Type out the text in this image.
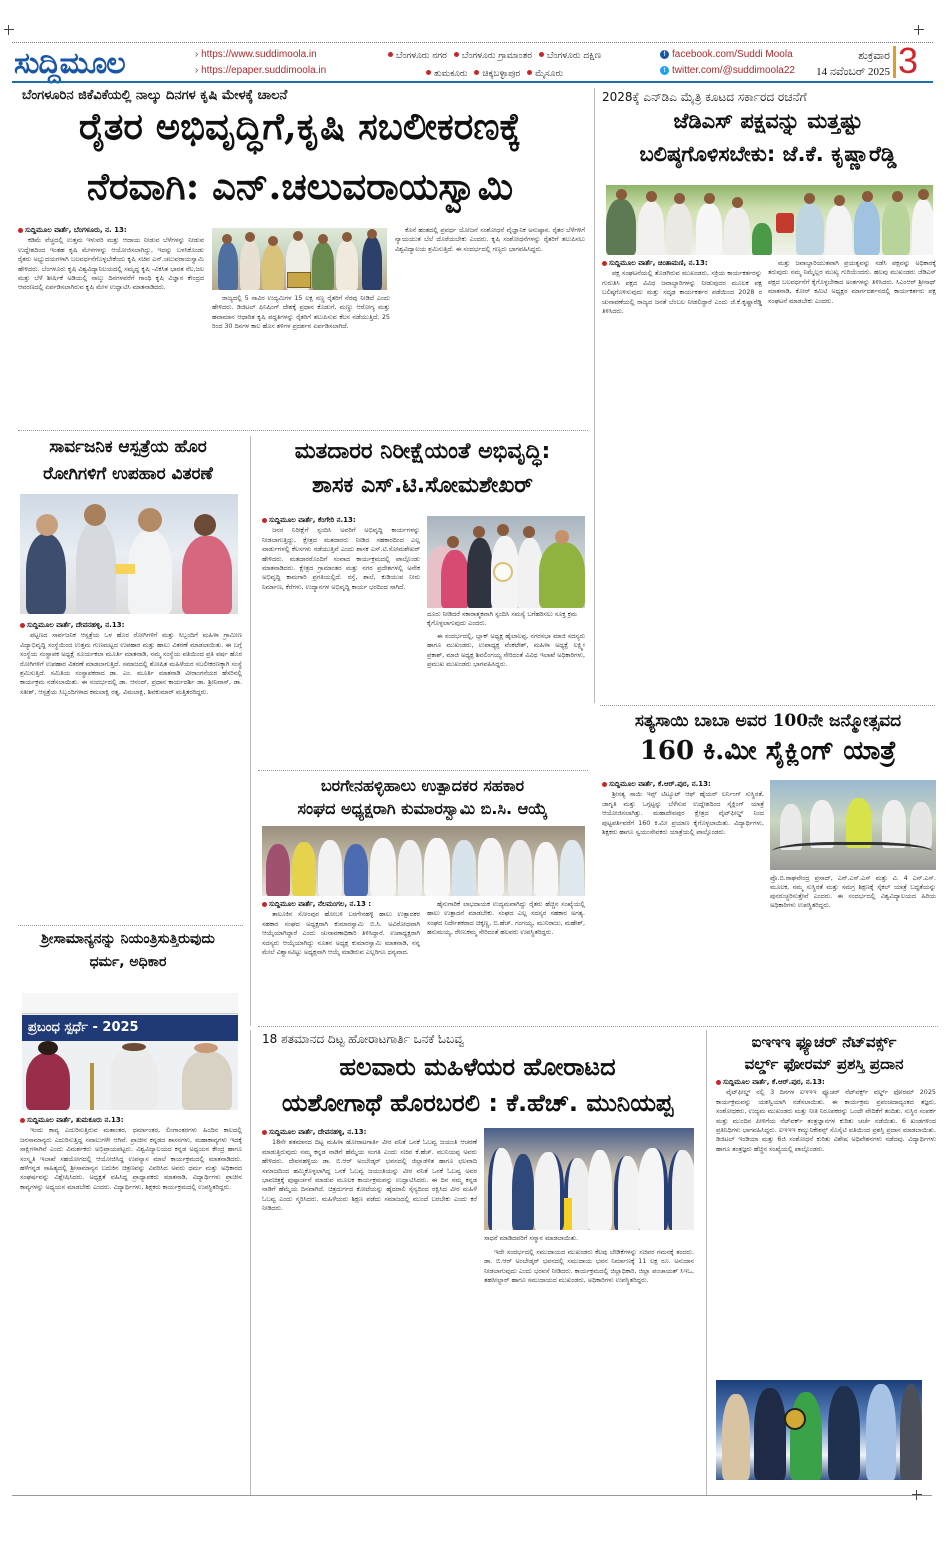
ಸುದ್ದಿಮೂಲ	› https://www.suddimoola.in
› https://epaper.suddimoola.in
ಬೆಂಗಳೂರು ನಗರ ಬೆಂಗಳೂರು ಗ್ರಾಮಾಂತರ ಬೆಂಗಳೂರು ದಕ್ಷಿಣ
ತುಮಕೂರು ಚಿಕ್ಕಬಳ್ಳಾಪುರ ಮೈಸೂರು
f facebook.com/Suddi Moola
t twitter.com/@suddimoola22
ಶುಕ್ರವಾರ
14 ನವೆಂಬರ್ 2025 3
ಬೆಂಗಳೂರಿನ ಜಿಕೆವಿಕೆಯಲ್ಲಿ ನಾಲ್ಕು ದಿನಗಳ ಕೃಷಿ ಮೇಳಕ್ಕೆ ಚಾಲನೆ
ರೈತರ ಅಭಿವೃದ್ಧಿಗೆ,ಕೃಷಿ ಸಬಲೀಕರಣಕ್ಕೆ
ನೆರವಾಗಿ: ಎನ್.ಚಲುವರಾಯಸ್ವಾಮಿ
ಸುದ್ದಿಮೂಲ ವಾರ್ತೆ, ಬೆಂಗಳೂರು, ನ. 13:

ಕಡಿಮೆ ವೆಚ್ಚದಲ್ಲಿ ಉತ್ತಮ ಇಳುವರಿ ಮತ್ತು ಆದಾಯ ನೀಡುವ ಬೆಳೆಗಳನ್ನು ನೀಡುವ ಉದ್ದೇಶದಿಂದ ಇಂತಹ ಕೃಷಿ ಮೇಳಗಳನ್ನು ಆಯೋಜಿಸಲಾಗಿದ್ದು, ಇದನ್ನು ಬಳಸಿಕೊಂಡು ರೈತರು ಅಭ್ಯುದಯಗಳಾಗಿ ಬಲವರ್ಧನೆಗೊಳ್ಳಬೇಕೆಂದು ಕೃಷಿ ಸಚಿವ ಎನ್.ಚಲುವರಾಯಸ್ವಾಮಿ ಹೇಳಿದರು. ಬೆಂಗಳೂರು ಕೃಷಿ ವಿಶ್ವವಿದ್ಯಾನಿಲಯದಲ್ಲಿ ಸಮೃದ್ಧ ಕೃಷಿ -ವಿಕಸಿತ ಭಾರತ ನೆಲ,ಜಲ ಮತ್ತು ಬೆಳೆ ಶೀರ್ಷಿಕೆ ಅಡಿಯಲ್ಲಿ ನಾಲ್ಕು ದಿನಗಳವರೆಗೆ ಗಾಂಧಿ ಕೃಷಿ ವಿಜ್ಞಾನ ಕೇಂದ್ರದ ಆವರಣದಲ್ಲಿ ಏರ್ಪಡಿಸಲಾಗಿರುವ ಕೃಷಿ ಮೇಳ ಉದ್ಘಾಟಿಸಿ ಮಾತನಾಡಿದರು.

ರಾಜ್ಯದಲ್ಲಿ 5 ಸಾವಿರ ಉದ್ಯಮಿಗಳ 15 ಲಕ್ಷ ಸಣ್ಣ ರೈತರಿಗೆ ನೆರವು ನೀಡಿದೆ ಎಂದು ಹೇಳಿದರು. ಡಿಜಿಟಲ್ ಫಿನಿಷಿಂಗ್ ದೇಶಕ್ಕೆ ಪ್ರಧಾನ ಕೊಡುಗೆ, ಮಣ್ಣು ಆರೋಗ್ಯ ಮತ್ತು ಹವಾಮಾನ ಆಧಾರಿತ ಕೃಷಿ ಪದ್ಧತಿಗಳನ್ನು ರೈತರಿಗೆ ತಲುಪಿಸುವ ಕೆಲಸ ನಡೆಯುತ್ತಿದೆ. 25 ರಿಂದ 30 ದಿನಗಳ ಕಾಲ ಹೊಸ ತಳಿಗಳ ಪ್ರದರ್ಶನ ಏರ್ಪಡಿಸಲಾಗಿದೆ.

ಕೊನೆ ಹಂತದಲ್ಲಿ ಪ್ರವರ್ಧ ಯೋಜನೆ ಸಂಶೋಧನೆ ವೈಜ್ಞಾನಿಕ ಅನುಷ್ಠಾನ. ರೈತರ ಬೆಳೆಗಳಿಗೆ ನ್ಯಾಯಯುತ ಬೆಲೆ ದೊರೆಯಬೇಕು ಎಂದರು. ಕೃಷಿ ಸಂಶೋಧನೆಗಳನ್ನು ರೈತರಿಗೆ ತಲುಪಿಸಲು ವಿಶ್ವವಿದ್ಯಾಲಯ ಶ್ರಮಿಸುತ್ತಿದೆ. ಈ ಸಂದರ್ಭದಲ್ಲಿ ಗಣ್ಯರು ಭಾಗವಹಿಸಿದ್ದರು.

2028ಕ್ಕೆ ಎನ್‌ಡಿಎ ಮೈತ್ರಿ ಕೂಟದ ಸರ್ಕಾರದ ರಚನೆಗೆ
ಜೆಡಿಎಸ್ ಪಕ್ಷವನ್ನು ಮತ್ತಷ್ಟು
ಬಲಿಷ್ಠಗೊಳಿಸಬೇಕು: ಜೆ.ಕೆ. ಕೃಷ್ಣಾರೆಡ್ಡಿ
ಸುದ್ದಿಮೂಲ ವಾರ್ತೆ, ಚಿಂತಾಮಣಿ, ನ.13:

ಪಕ್ಷ ಸಂಘಟನೆಯಲ್ಲಿ ತೊಡಗಿರುವ ಮುಖಂಡರು, ಸಕ್ರಿಯ ಕಾರ್ಯಕರ್ತರನ್ನು ಗುರುತಿಸಿ ಪಕ್ಷದ ವಿವಿಧ ಜವಾಬ್ದಾರಿಗಳನ್ನು ನೀಡುವುದರ ಮೂಲಕ ಪಕ್ಷ ಬಲಿಷ್ಠಗೊಳಿಸುವುದು ಮತ್ತು ಸದೃಢ ಕಾರ್ಯಕರ್ತರ ಪಡೆಯಿಂದ 2028 ರ ಚುನಾವಣೆಯಲ್ಲಿ ರಾಜ್ಯದ ಜನತೆ ಬೆಂಬಲ ನೀಡಲಿದ್ದಾರೆ ಎಂದು ಜೆ.ಕೆ.ಕೃಷ್ಣಾರೆಡ್ಡಿ ತಿಳಿಸಿದರು.

ಮತ್ತು ಜವಾಬ್ದಾರಿಯುತವಾಗಿ ಪ್ರಯತ್ನವನ್ನು ನಡೆಸಿ ಪಕ್ಷವನ್ನು ಅಧಿಕಾರಕ್ಕೆ ತರುವುದು ನಮ್ಮ ನಿಮ್ಮೆಲ್ಲರ ಮುಖ್ಯ ಗುರಿಯೆಂದರು. ಹಲವು ಮುಖಂಡರು ಜೆಡಿಎಸ್ ಪಕ್ಷದ ಬಲವರ್ಧನೆಗೆ ಕೈಗೊಳ್ಳಬೇಕಾದ ಅಂಶಗಳನ್ನು ತಿಳಿಸಿದರು. ಸಿಎಂಆರ್ ಶ್ರೀನಾಥ್ ಮಾತನಾಡಿ, ಕೋರ್ ಕಮಿಟಿ ಅಧ್ಯಕ್ಷರ ಮಾರ್ಗದರ್ಶನದಲ್ಲಿ ಕಾರ್ಯಕರ್ತರು ಪಕ್ಷ ಸಂಘಟನೆ ಮಾಡಬೇಕು ಎಂದರು.

ಸಾರ್ವಜನಿಕ ಆಸ್ಪತ್ರೆಯ ಹೊರ
ರೋಗಿಗಳಿಗೆ ಉಪಹಾರ ವಿತರಣೆ
ಸುದ್ದಿಮೂಲ ವಾರ್ತೆ, ದೇವನಹಳ್ಳಿ, ನ.13:

ಪಟ್ಟಣದ ಸಾರ್ವಜನಿಕ ಆಸ್ಪತ್ರೆಯ ಒಳ ಹೊರ ರೋಗಿಗಳಿಗೆ ಮತ್ತು ಸಿಬ್ಬಂದಿಗೆ ಮಹಿಳಾ ಗ್ರಾಮೀಣ ವಿದ್ಯಾಭಿವೃದ್ಧಿ ಸಂಸ್ಥೆಯಿಂದ ಉತ್ತಮ ಗುಣಮಟ್ಟದ ಉಪಹಾರ ಮತ್ತು ಹಾಲು ವಿತರಣೆ ಮಾಡಲಾಯಿತು. ಈ ಬಗ್ಗೆ ಸಂಸ್ಥೆಯ ಸಂಸ್ಥಾಪಕ ಅಧ್ಯಕ್ಷೆ ಸೂರ್ಯಕಲಾ ಮೂರ್ತಿ ಮಾತನಾಡಿ, ನಮ್ಮ ಸಂಸ್ಥೆಯ ವತಿಯಿಂದ ಪ್ರತಿ ವರ್ಷ ಹೊರ ರೋಗಿಗಳಿಗೆ ಉಪಹಾರ ವಿತರಣೆ ಮಾಡಲಾಗುತ್ತಿದೆ. ಸಮಾಜದಲ್ಲಿ ಶೋಷಿತ ಮಹಿಳೆಯರ ಸಬಲೀಕರಣಕ್ಕಾಗಿ ಸಂಸ್ಥೆ ಶ್ರಮಿಸುತ್ತಿದೆ. ಸಮಿತಿಯ ಸಂಸ್ಥಾಪಕರಾದ ಡಾ. ಎಂ. ಮೂರ್ತಿ ಮಾತನಾಡಿ ವೀರಾಂಗನೆಯರ ಹೆಸರಿನಲ್ಲಿ ಕಾರ್ಯಕ್ರಮ ನಡೆಸಲಾಯಿತು. ಈ ಸಂದರ್ಭದಲ್ಲಿ ಡಾ. ಆನಂದ್, ಪ್ರಧಾನ ಕಾರ್ಯದರ್ಶಿ ಡಾ. ಶ್ರೀನಿವಾಸ್, ಡಾ. ಸತೀಶ್, ಆಸ್ಪತ್ರೆಯ ಸಿಬ್ಬಂದಿಗಳಾದ ಕಮಲಾಕ್ಷಿ ರತ್ನ, ವಿಮಲಾಕ್ಷಿ, ಶಿವಕುಮಾರ್ ಮತ್ತಿತರರಿದ್ದರು.

ಮತದಾರರ ನಿರೀಕ್ಷೆಯಂತೆ ಅಭಿವೃದ್ಧಿ:
ಶಾಸಕ ಎಸ್.ಟಿ.ಸೋಮಶೇಖರ್
ಸುದ್ದಿಮೂಲ ವಾರ್ತೆ, ಕೆಂಗೇರಿ ನ.13:

ಜನರ ನಿರೀಕ್ಷೆಗೆ ಸ್ಪಂದಿಸಿ ಅವರಿಗೆ ಅಭಿವೃದ್ಧಿ ಕಾರ್ಯಗಳನ್ನು ನೀಡಲಾಗುತ್ತಿದ್ದು, ಕ್ಷೇತ್ರದ ಮತದಾರರು ನೀಡಿದ ಸಹಕಾರದಿಂದ ಎಲ್ಲ ವಾರ್ಡುಗಳಲ್ಲಿ ಕೆಲಸಗಳು ನಡೆಯುತ್ತಿವೆ ಎಂದು ಶಾಸಕ ಎಸ್.ಟಿ.ಸೋಮಶೇಖರ್ ಹೇಳಿದರು. ಮತದಾರರೊಂದಿಗೆ ಸಂವಾದ ಕಾರ್ಯಕ್ರಮದಲ್ಲಿ ಪಾಲ್ಗೊಂಡು ಮಾತನಾಡಿದರು. ಕ್ಷೇತ್ರದ ಗ್ರಾಮಾಂತರ ಮತ್ತು ನಗರ ಪ್ರದೇಶಗಳಲ್ಲಿ ಅನೇಕ ಅಭಿವೃದ್ಧಿ ಕಾಮಗಾರಿ ಪ್ರಗತಿಯಲ್ಲಿದೆ. ರಸ್ತೆ, ಶಾಲೆ, ಕುಡಿಯುವ ನೀರು ನಿರ್ಮಾಣ, ಕೆರೆಗಳು, ಉದ್ಯಾನಗಳ ಅಭಿವೃದ್ಧಿ ಕಾರ್ಯ ಭರದಿಂದ ಸಾಗಿದೆ.

ದೂರು ನೀಡಿದರೆ ಸಕಾರಾತ್ಮಕವಾಗಿ ಸ್ಪಂದಿಸಿ ಸಮಸ್ಯೆ ಬಗೆಹರಿಸಲು ಸೂಕ್ತ ಕ್ರಮ ಕೈಗೊಳ್ಳಲಾಗುವುದು ಎಂದರು.

ಈ ಸಂದರ್ಭದಲ್ಲಿ, ಬ್ಲಾಕ್ ಅಧ್ಯಕ್ಷ ಹೈಲಾಲಪ್ಪ, ನಗರಸಭಾ ಮಾಜಿ ಸದಸ್ಯರು ಹಾಗೂ ಮುಖಂಡರು, ಉಪಾಧ್ಯಕ್ಷ ವೆಂಕಟೇಶ್, ಮಹಿಳಾ ಅಧ್ಯಕ್ಷೆ ಲಕ್ಷ್ಮೀ ಪ್ರಕಾಶ್, ಮಾಜಿ ಅಧ್ಯಕ್ಷ ಶಿವಲಿಂಗಯ್ಯ ಸೇರಿದಂತೆ ವಿವಿಧ ಇಲಾಖೆ ಅಧಿಕಾರಿಗಳು, ಪ್ರಮುಖ ಮುಖಂಡರು ಭಾಗವಹಿಸಿದ್ದರು.

ಬರಗೇನಹಳ್ಳಿಹಾಲು ಉತ್ಪಾದಕರ ಸಹಕಾರ
ಸಂಘದ ಅಧ್ಯಕ್ಷರಾಗಿ ಕುಮಾರಸ್ವಾಮಿ ಬಿ.ಸಿ. ಆಯ್ಕೆ
ಸುದ್ದಿಮೂಲ ವಾರ್ತೆ, ನೆಲಮಂಗಲ, ನ.13 :

ತಾಲೂಕಿನ ಸೋಂಪುರ ಹೋಬಳಿ ಬರಗೇನಹಳ್ಳಿ ಹಾಲು ಉತ್ಪಾದಕರ ಸಹಕಾರ ಸಂಘದ ಅಧ್ಯಕ್ಷರಾಗಿ ಕುಮಾರಸ್ವಾಮಿ ಬಿ.ಸಿ. ಅವಿರೋಧವಾಗಿ ಆಯ್ಕೆಯಾಗಿದ್ದಾರೆ ಎಂದು ಚುನಾವಣಾಧಿಕಾರಿ ತಿಳಿಸಿದ್ದಾರೆ. ಉಪಾಧ್ಯಕ್ಷರಾಗಿ ಸದಸ್ಯರು ಆಯ್ಕೆಯಾಗಿದ್ದು ನೂತನ ಅಧ್ಯಕ್ಷ ಕುಮಾರಸ್ವಾಮಿ ಮಾತನಾಡಿ, ನನ್ನ ಮೇಲೆ ವಿಶ್ವಾಸವಿಟ್ಟು ಅಧ್ಯಕ್ಷನಾಗಿ ಆಯ್ಕೆ ಮಾಡಿರುವ ಎಲ್ಲರಿಗೂ ಧನ್ಯವಾದ.

ಹೈನುಗಾರಿಕೆ ಲಾಭದಾಯಕ ಉದ್ಯಮವಾಗಿದ್ದು ರೈತರು ಹೆಚ್ಚಿನ ಸಂಖ್ಯೆಯಲ್ಲಿ ಹಾಲು ಉತ್ಪಾದನೆ ಮಾಡಬೇಕು. ಸಂಘದ ಎಲ್ಲ ಸದಸ್ಯರ ಸಹಕಾರ ಅಗತ್ಯ. ಸಂಘದ ನಿರ್ದೇಶಕರಾದ ಚಿಕ್ಕಣ್ಣ, ಬಿ.ಹೆಚ್. ಗಂಗಯ್ಯ, ಮುನಿರಾಜು, ಮಹೇಶ್, ಹನುಮಯ್ಯ, ರೇಣುಕಮ್ಮ ಸೇರಿದಂತೆ ಹಲವರು ಉಪಸ್ಥಿತರಿದ್ದರು.

ಸತ್ಯಸಾಯಿ ಬಾಬಾ ಅವರ 100ನೇ ಜನ್ಮೋತ್ಸವದ
160 ಕಿ.ಮೀ ಸೈಕ್ಲಿಂಗ್ ಯಾತ್ರೆ
ಸುದ್ದಿಮೂಲ ವಾರ್ತೆ, ಕೆ.ಆರ್.ಪುರ, ನ.13:

ಶ್ರೀಸತ್ಯ ಸಾಯಿ ಇನ್ಸ್ ಟಿಟ್ಯೂಟ್ ಆಫ್ ಹೈಯರ್ ಲರ್ನಿಂಗ್ ಸುಸ್ಥಿರತೆ, ಜಾಗೃತಿ ಮತ್ತು ಒಗ್ಗಟ್ಟನ್ನು ಬೆಳೆಸುವ ಉದ್ದೇಶದಿಂದ ಸೈಕ್ಲಿಂಗ್ ಯಾತ್ರೆ ಆಯೋಜಿಸಲಾಗಿತ್ತು. ಮಹಾದೇವಪುರ ಕ್ಷೇತ್ರದ ವೈಟ್‌ಫೀಲ್ಡ್ ನಿಂದ ಪುಟ್ಟಪರ್ತಿವರೆಗೆ 160 ಕಿ.ಮೀ ಪ್ರಯಾಣ ಕೈಗೊಳ್ಳಲಾಯಿತು. ವಿದ್ಯಾರ್ಥಿಗಳು, ಶಿಕ್ಷಕರು ಹಾಗೂ ಸ್ವಯಂಸೇವಕರು ಯಾತ್ರೆಯಲ್ಲಿ ಪಾಲ್ಗೊಂಡರು.

ಪ್ರೊ.ಬಿ.ರಾಘವೇಂದ್ರ ಪ್ರಸಾದ್, ಎನ್.ಎಸ್.ಎಸ್ ಮತ್ತು ವಿ. 4 ಎನ್.ಎಸ್. ಮೂಲಕ, ನಮ್ಮ ಸುಸ್ಥಿರತೆ ಮತ್ತು ಸಮಗ್ರ ಶಿಕ್ಷಣಕ್ಕೆ ಸೈಕಲ್ ಯಾತ್ರೆ ಬದ್ಧತೆಯನ್ನು ಪುನರುಚ್ಚರಿಸುತ್ತೇವೆ ಎಂದರು. ಈ ಸಂದರ್ಭದಲ್ಲಿ ವಿಶ್ವವಿದ್ಯಾಲಯದ ಹಿರಿಯ ಅಧಿಕಾರಿಗಳು ಉಪಸ್ಥಿತರಿದ್ದರು.
ಶ್ರೀಸಾಮಾನ್ಯನನ್ನು ನಿಯಂತ್ರಿಸುತ್ತಿರುವುದು
ಧರ್ಮ, ಅಧಿಕಾರ
ಪ್ರಬಂಧ ಸ್ಪರ್ಧೆ - 2025
ಸುದ್ದಿಮೂಲ ವಾರ್ತೆ, ತುಮಕೂರು ನ.13:

ಇಂದು ಕಾವ್ಯ ಎದುರಿಸುತ್ತಿರುವ ಮತಾಂತರ, ಧರ್ಮಾಂತರ, ಲಿಂಗಾಂತರಗಳು ಹಿಂದಿನ ಕಾಲದಲ್ಲಿ ಜನಸಾಮಾನ್ಯರು ಎದುರಿಸುತ್ತಿದ್ದ ಸವಾಲುಗಳೇ ಆಗಿವೆ. ಪ್ರಾಚೀನ ಕನ್ನಡದ ಶಾಸನಗಳು, ಮಹಾಕಾವ್ಯಗಳು ಇದಕ್ಕೆ ಸಾಕ್ಷಿಗಳಾಗಿವೆ ಎಂದು ವಿಮರ್ಶಕರು ಅಭಿಪ್ರಾಯಪಟ್ಟರು. ವಿಶ್ವವಿದ್ಯಾಲಯದ ಕನ್ನಡ ಅಧ್ಯಯನ ಕೇಂದ್ರ ಹಾಗೂ ಸಂಸ್ಕೃತಿ ಇಲಾಖೆ ಸಹಯೋಗದಲ್ಲಿ ಆಯೋಜಿಸಿದ್ದ ಉಪನ್ಯಾಸ ಮಾಲೆ ಕಾರ್ಯಕ್ರಮದಲ್ಲಿ ಮಾತನಾಡಿದರು. ಹಳೆಗನ್ನಡ ಸಾಹಿತ್ಯದಲ್ಲಿ ಶ್ರೀಸಾಮಾನ್ಯನ ಬದುಕಿನ ಚಿತ್ರಣವನ್ನು ವಿವರಿಸಿದ ಅವರು ಧರ್ಮ ಮತ್ತು ಅಧಿಕಾರದ ಸಂಘರ್ಷವನ್ನು ವಿಶ್ಲೇಷಿಸಿದರು. ಅಧ್ಯಕ್ಷತೆ ವಹಿಸಿದ್ದ ಪ್ರಾಧ್ಯಾಪಕರು ಮಾತನಾಡಿ, ವಿದ್ಯಾರ್ಥಿಗಳು ಪ್ರಾಚೀನ ಕಾವ್ಯಗಳನ್ನು ಅಧ್ಯಯನ ಮಾಡಬೇಕು ಎಂದರು. ವಿದ್ಯಾರ್ಥಿಗಳು, ಶಿಕ್ಷಕರು ಕಾರ್ಯಕ್ರಮದಲ್ಲಿ ಉಪಸ್ಥಿತರಿದ್ದರು.

18 ಶತಮಾನದ ದಿಟ್ಟ ಹೋರಾಟಗಾರ್ತಿ ಒನಕೆ ಓಬವ್ವ
ಹಲವಾರು ಮಹಿಳೆಯರ ಹೋರಾಟದ
ಯಶೋಗಾಥೆ ಹೊರಬರಲಿ : ಕೆ.ಹೆಚ್. ಮುನಿಯಪ್ಪ
ಸುದ್ದಿಮೂಲ ವಾರ್ತೆ, ದೇವನಹಳ್ಳಿ, ನ.13:

18ನೇ ಶತಮಾನದ ದಿಟ್ಟ ಮಹಿಳಾ ಹೋರಾಟಗಾರ್ತಿ ವೀರ ವನಿತೆ ಒನಕೆ ಓಬವ್ವ ಜಯಂತಿ ಆಚರಣೆ ಮಾಡುತ್ತಿರುವುದು ನಮ್ಮ ಕನ್ನಡ ನಾಡಿಗೆ ಹೆಮ್ಮೆಯ ಸಂಗತಿ ಎಂದು ಸಚಿವ ಕೆ.ಹೆಚ್. ಮುನಿಯಪ್ಪ ಅವರು ಹೇಳಿದರು. ದೇವನಹಳ್ಳಿಯ ಡಾ. ಬಿ.ಆರ್ ಅಂಬೇಡ್ಕರ್ ಭವನದಲ್ಲಿ ಜಿಲ್ಲಾಡಳಿತ ಹಾಗೂ ಛಲವಾದಿ ಸಮಾಜದಿಂದ ಹಮ್ಮಿಕೊಳ್ಳಲಾಗಿದ್ದ ಒನಕೆ ಓಬವ್ವ ಜಯಂತಿಯನ್ನು ವೀರ ವನಿತೆ ಒನಕೆ ಓಬವ್ವ ಅವರ ಭಾವಚಿತ್ರಕ್ಕೆ ಪುಷ್ಪಾರ್ಚನೆ ಮಾಡುವ ಮೂಲಕ ಕಾರ್ಯಕ್ರಮವನ್ನು ಉದ್ಘಾಟಿಸಿದರು. ಈ ದಿನ ನಮ್ಮ ಕನ್ನಡ ನಾಡಿಗೆ ಹೆಮ್ಮೆಯ ದಿನವಾಗಿದೆ. ಚಿತ್ರದುರ್ಗದ ಕೋಟೆಯನ್ನು ಹೈದರಾಲಿ ಸೈನ್ಯದಿಂದ ರಕ್ಷಿಸಿದ ವೀರ ಮಹಿಳೆ ಓಬವ್ವ ಎಂದು ಸ್ಮರಿಸಿದರು. ಮಹಿಳೆಯರು ಶಿಕ್ಷಣ ಪಡೆದು ಸಮಾಜದಲ್ಲಿ ಮುಂದೆ ಬರಬೇಕು ಎಂದು ಕರೆ ನೀಡಿದರು.

ಸಾಧನೆ ಮಾಡಿದವರಿಗೆ ಸನ್ಮಾನ ಮಾಡಲಾಯಿತು.

ಇದೇ ಸಂದರ್ಭದಲ್ಲಿ ಸಮುದಾಯದ ಮುಖಂಡರು ಕೆಲವು ಬೇಡಿಕೆಗಳನ್ನು ಸಚಿವರ ಗಮನಕ್ಕೆ ತಂದರು. ಡಾ. ಬಿ.ಆರ್ ಅಂಬೇಡ್ಕರ್ ಭವನದಲ್ಲಿ ಸಮುದಾಯ ಭವನ ನಿರ್ಮಾಣಕ್ಕೆ 11 ಲಕ್ಷ ರೂ. ಅನುದಾನ ನೀಡಲಾಗುವುದು ಎಂದು ಭರವಸೆ ನೀಡಿದರು. ಕಾರ್ಯಕ್ರಮದಲ್ಲಿ ಜಿಲ್ಲಾಧಿಕಾರಿ, ಜಿಲ್ಲಾ ಪಂಚಾಯತ್ ಸಿಇಒ, ತಹಸೀಲ್ದಾರ್ ಹಾಗೂ ಸಮುದಾಯದ ಮುಖಂಡರು, ಅಧಿಕಾರಿಗಳು ಉಪಸ್ಥಿತರಿದ್ದರು.

ಐಇಇಇ ಫ್ಯೂಚರ್ ನೆಟ್‌ವರ್ಕ್ಸ್
ವರ್ಲ್ಡ್ ಫೋರಮ್ ಪ್ರಶಸ್ತಿ ಪ್ರದಾನ
ಸುದ್ದಿಮೂಲ ವಾರ್ತೆ, ಕೆ.ಆರ್.ಪುರ, ನ.13:

ವೈಟ್‌ಫೀಲ್ಡ್ ನಲ್ಲಿ 3 ದಿನಗಳ ಐಇಇಇ ಫ್ಯೂಚರ್ ನೆಟ್‌ವರ್ಕ್ಸ್ ವರ್ಲ್ಡ್ ಫೋರಮ್ 2025 ಕಾರ್ಯಕ್ರಮವನ್ನು ಯಶಸ್ವಿಯಾಗಿ ನಡೆಸಲಾಯಿತು. ಈ ಕಾರ್ಯಕ್ರಮ ಪ್ರಪಂಚದಾದ್ಯಂತದ ತಜ್ಞರು, ಸಂಶೋಧಕರು, ಉದ್ಯಮ ಮುಖಂಡರು ಮತ್ತು ನೀತಿ ನಿರೂಪಕರನ್ನು ಒಂದೇ ವೇದಿಕೆಗೆ ತಂದಿತು. ಸುಸ್ಥಿರ ಸಂಪರ್ಕ ಮತ್ತು ಮುಂದಿನ ಪೀಳಿಗೆಯ ನೆಟ್‌ವರ್ಕ್ ತಂತ್ರಜ್ಞಾನಗಳ ಕುರಿತು ಚರ್ಚೆ ನಡೆಯಿತು. 6 ಖಂಡಗಳಿಂದ ಪ್ರತಿನಿಧಿಗಳು ಭಾಗವಹಿಸಿದ್ದರು. ಐಇಇಇ ಕಮ್ಯುನಿಕೇಶನ್ಸ್ ಸೊಸೈಟಿ ವತಿಯಿಂದ ಪ್ರಶಸ್ತಿ ಪ್ರದಾನ ಮಾಡಲಾಯಿತು. ಡಿಜಿಟಲ್ ಇಂಡಿಯಾ ಮತ್ತು 6ಜಿ ಸಂಶೋಧನೆ ಕುರಿತು ವಿಶೇಷ ಅಧಿವೇಶನಗಳು ನಡೆದವು. ವಿದ್ಯಾರ್ಥಿಗಳು ಹಾಗೂ ತಂತ್ರಜ್ಞರು ಹೆಚ್ಚಿನ ಸಂಖ್ಯೆಯಲ್ಲಿ ಪಾಲ್ಗೊಂಡರು.
